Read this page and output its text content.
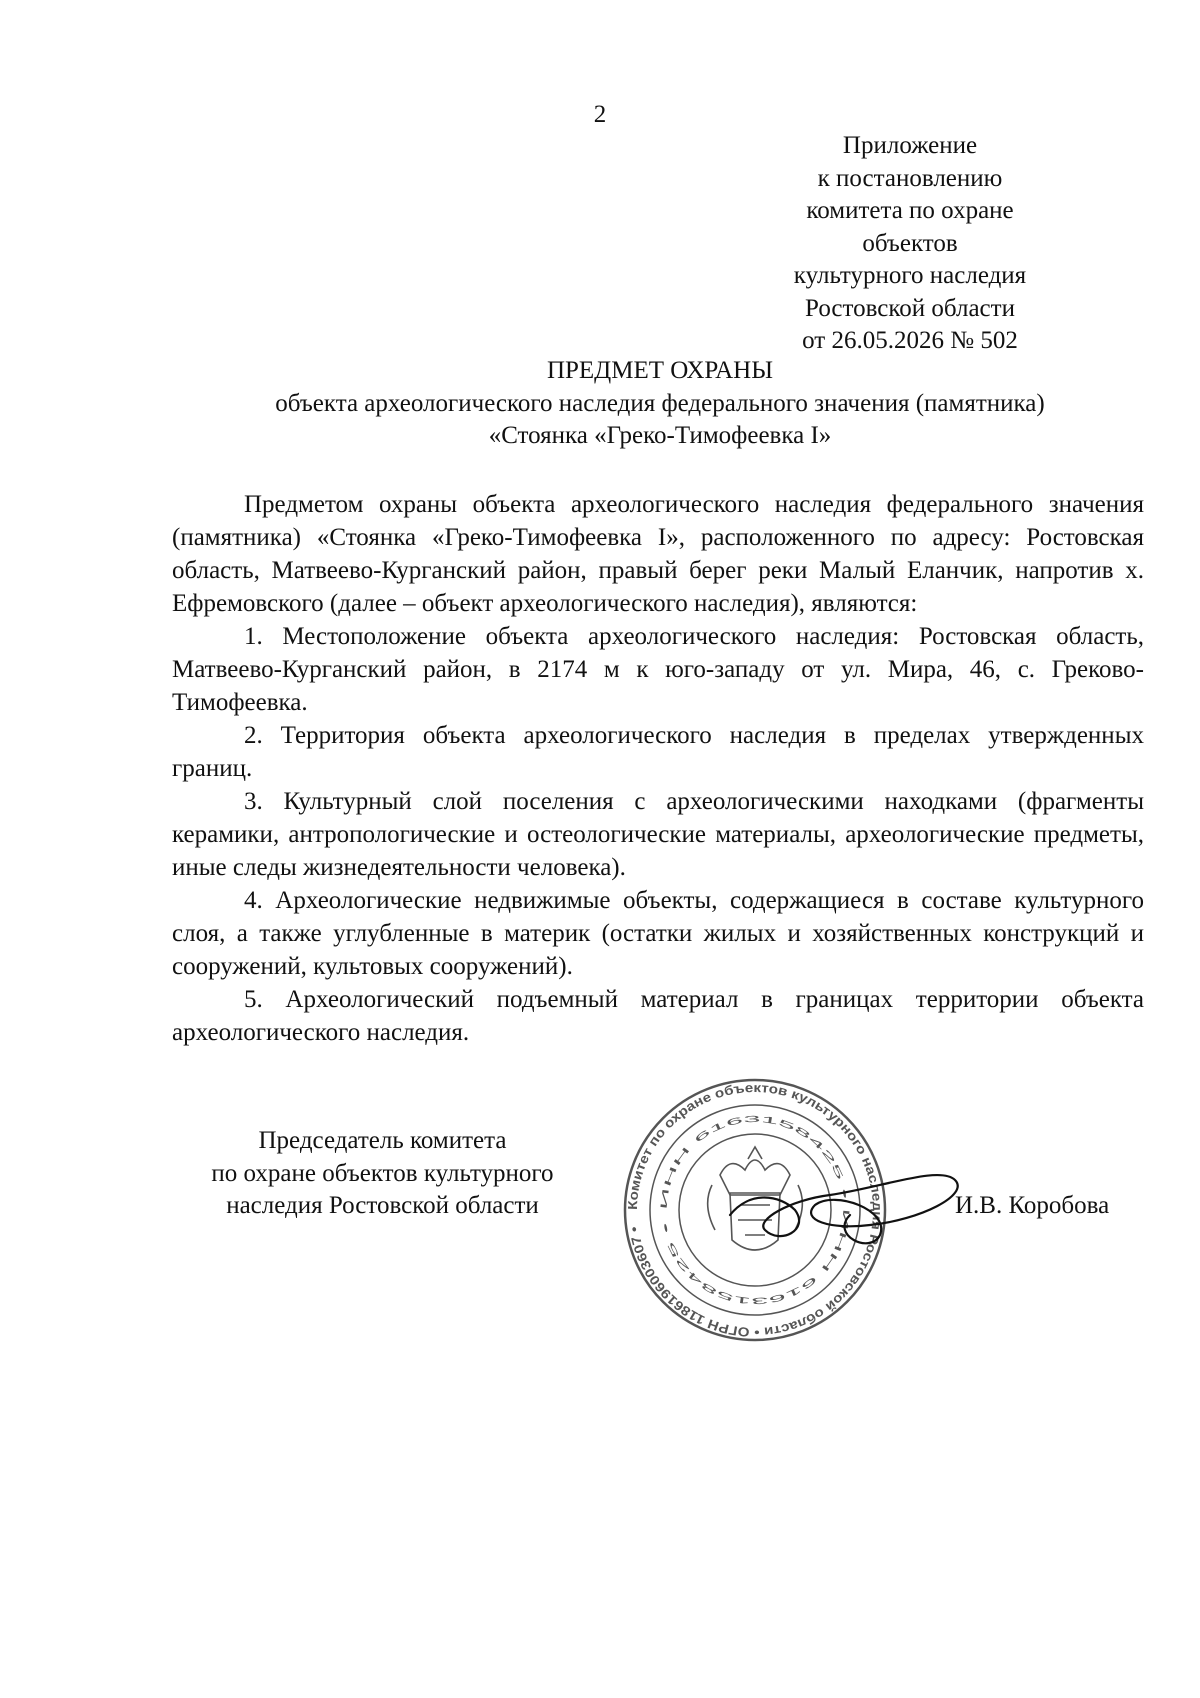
2
Приложение
к постановлению
комитета по охране объектов
культурного наследия
Ростовской области
от 26.05.2026 № 502
ПРЕДМЕТ ОХРАНЫ
объекта археологического наследия федерального значения (памятника)
«Стоянка «Греко-Тимофеевка I»

Предметом охраны объекта археологического наследия федерального значения (памятника) «Стоянка «Греко-Тимофеевка I», расположенного по адресу: Ростовская область, Матвеево-Курганский район, правый берег реки Малый Еланчик, напротив х. Ефремовского (далее – объект археологического наследия), являются:

1. Местоположение объекта археологического наследия: Ростовская область, Матвеево-Курганский район, в 2174 м к юго-западу от ул. Мира, 46, с. Греково-Тимофеевка.

2. Территория объекта археологического наследия в пределах утвержденных границ.

3. Культурный слой поселения с археологическими находками (фрагменты керамики, антропологические и остеологические материалы, археологические предметы, иные следы жизнедеятельности человека).

4. Археологические недвижимые объекты, содержащиеся в составе культурного слоя, а также углубленные в материк (остатки жилых и хозяйственных конструкций и сооружений, культовых сооружений).

5. Археологический подъемный материал в границах территории объекта археологического наследия.

Председатель комитета
по охране объектов культурного
наследия Ростовской области	Комитет по охране объектов культурного наследия Ростовской области • ОГРН 1186196003607 •
ИНН 6163158425 • ИНН 6163158425 •
И.В. Коробова
